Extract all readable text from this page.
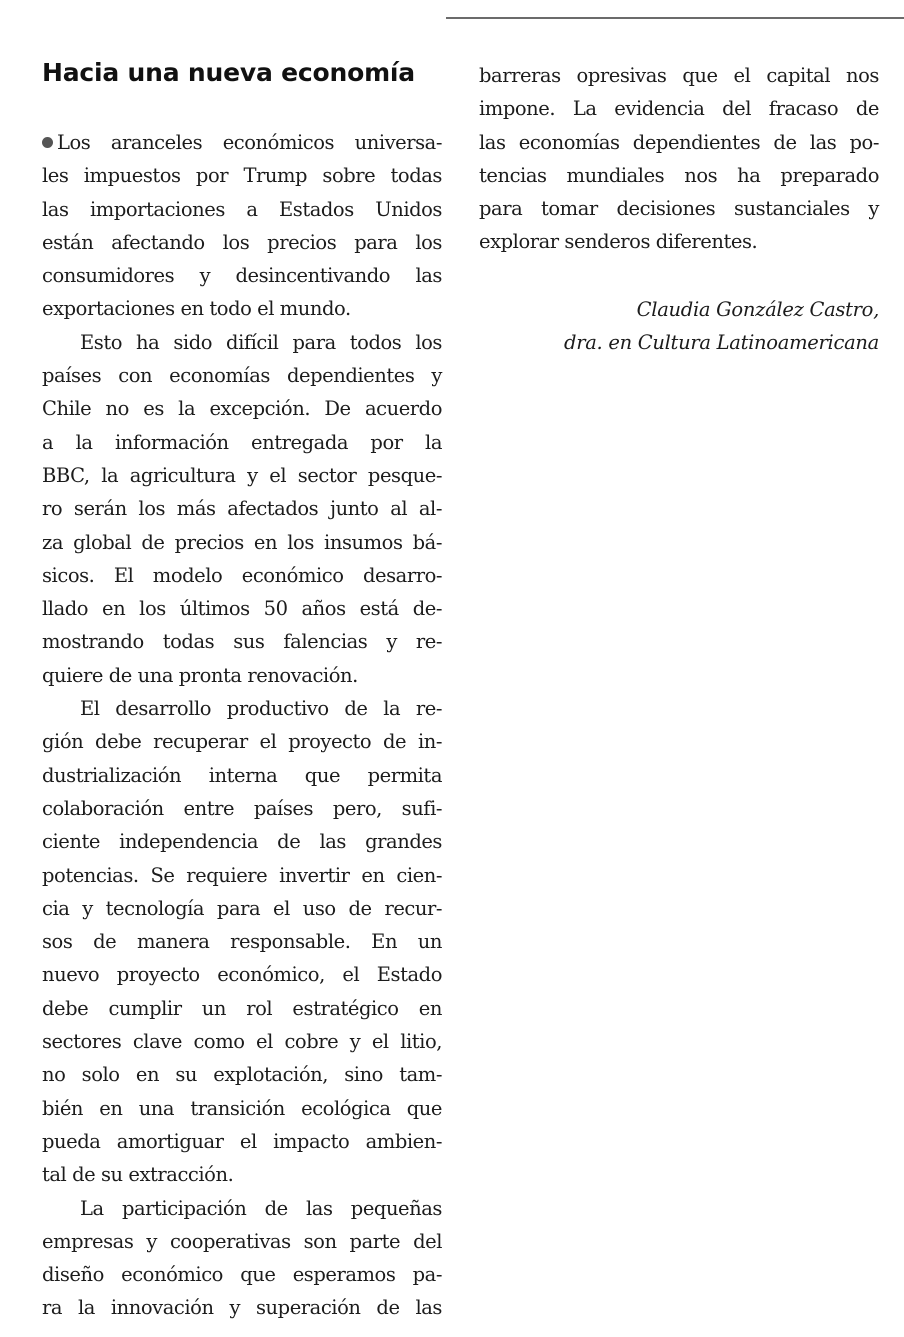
Hacia una nueva economía
Los aranceles económicos universa-
les impuestos por Trump sobre todas
las importaciones a Estados Unidos
están afectando los precios para los
consumidores y desincentivando las
exportaciones en todo el mundo.
Esto ha sido difícil para todos los
países con economías dependientes y
Chile no es la excepción. De acuerdo
a la información entregada por la
BBC, la agricultura y el sector pesque-
ro serán los más afectados junto al al-
za global de precios en los insumos bá-
sicos. El modelo económico desarro-
llado en los últimos 50 años está de-
mostrando todas sus falencias y re-
quiere de una pronta renovación.
El desarrollo productivo de la re-
gión debe recuperar el proyecto de in-
dustrialización interna que permita
colaboración entre países pero, sufi-
ciente independencia de las grandes
potencias. Se requiere invertir en cien-
cia y tecnología para el uso de recur-
sos de manera responsable. En un
nuevo proyecto económico, el Estado
debe cumplir un rol estratégico en
sectores clave como el cobre y el litio,
no solo en su explotación, sino tam-
bién en una transición ecológica que
pueda amortiguar el impacto ambien-
tal de su extracción.
La participación de las pequeñas
empresas y cooperativas son parte del
diseño económico que esperamos pa-
ra la innovación y superación de las
barreras opresivas que el capital nos
impone. La evidencia del fracaso de
las economías dependientes de las po-
tencias mundiales nos ha preparado
para tomar decisiones sustanciales y
explorar senderos diferentes.
Claudia González Castro,
dra. en Cultura Latinoamericana
